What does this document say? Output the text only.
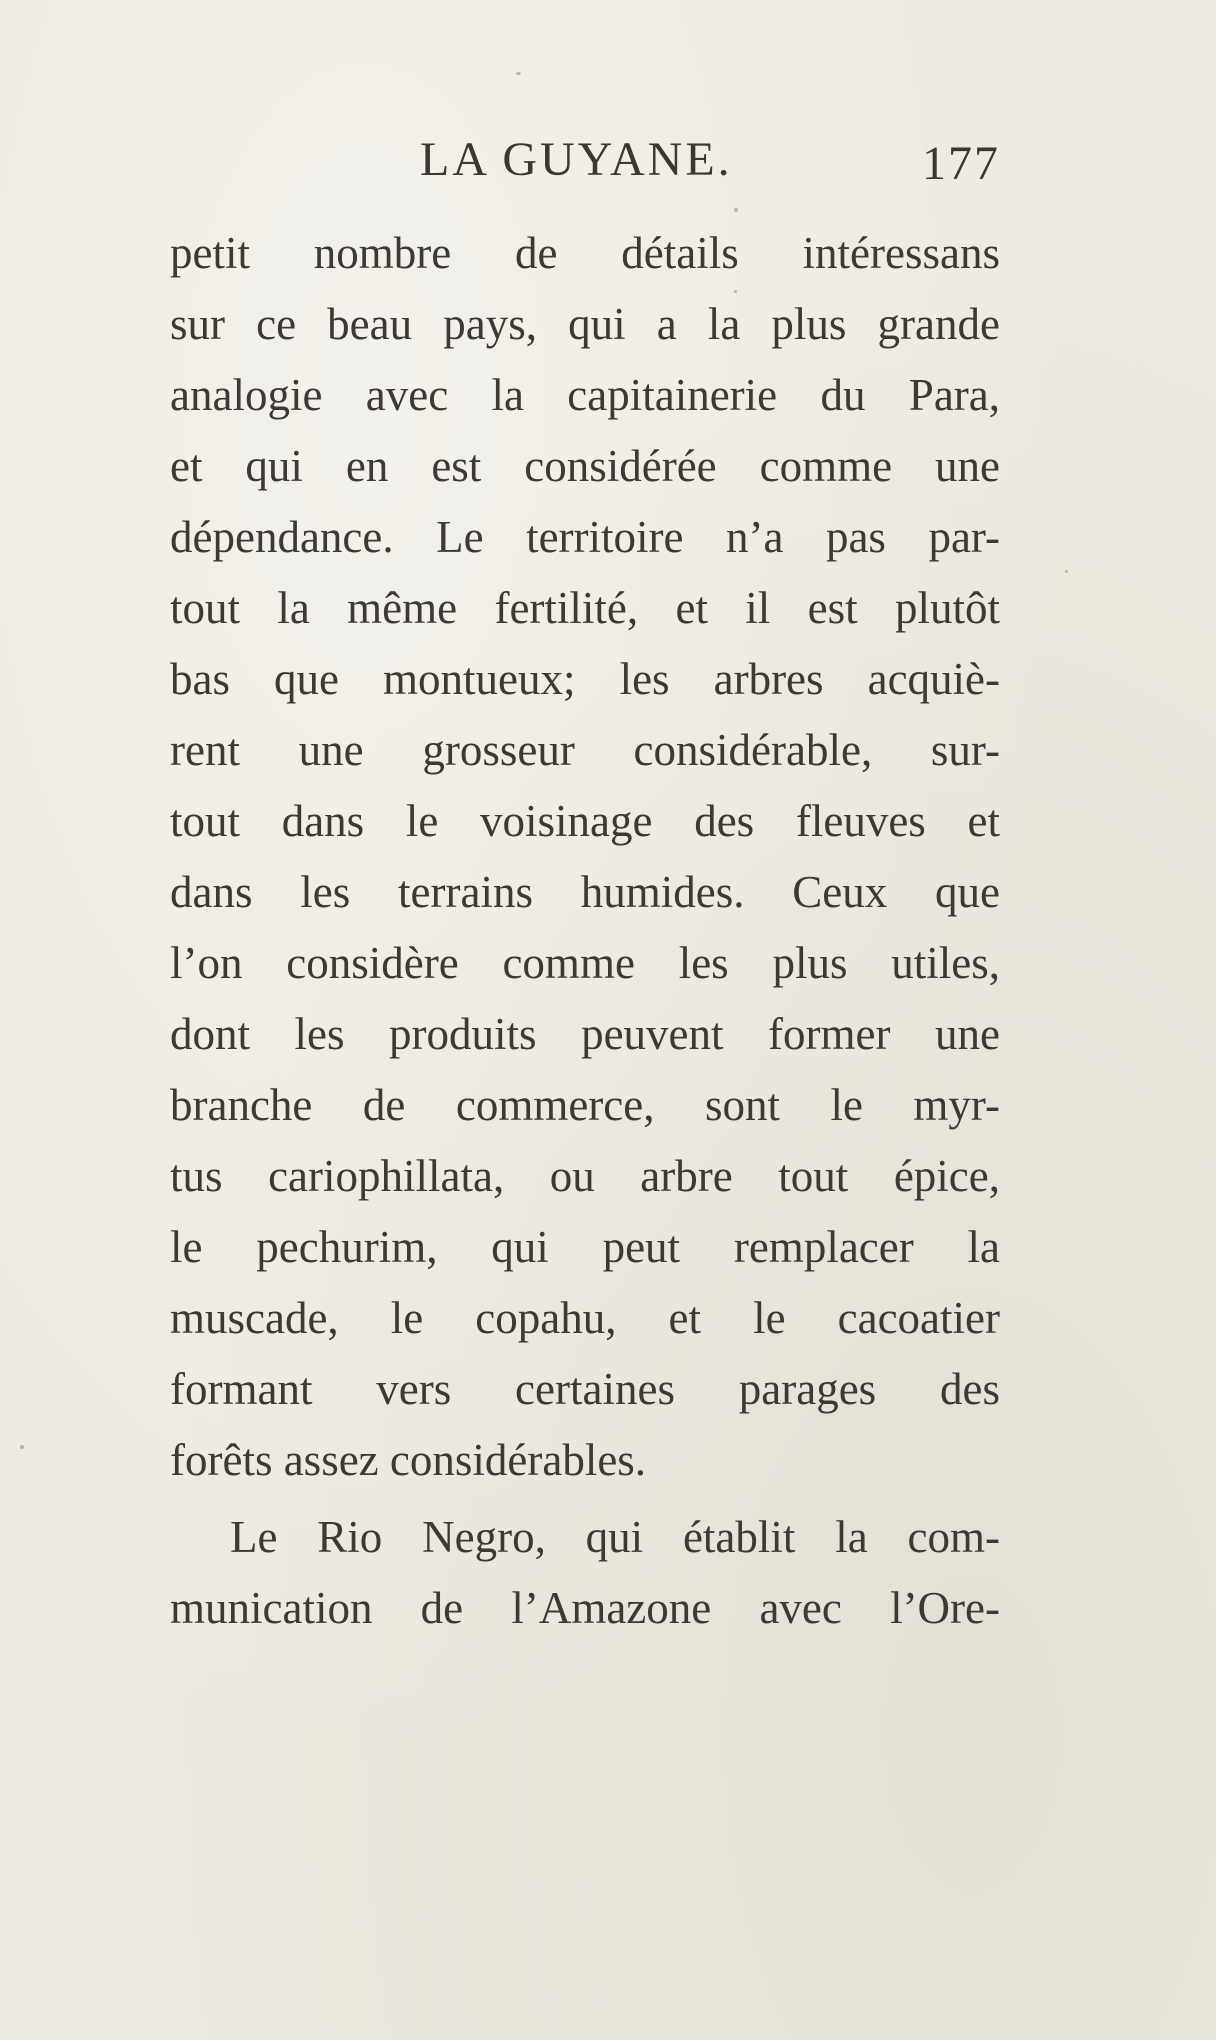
LA GUYANE.	177
petit nombre de détails intéressans
sur ce beau pays, qui a la plus grande
analogie avec la capitainerie du Para,
et qui en est considérée comme une
dépendance. Le territoire n’a pas par-
tout la même fertilité, et il est plutôt
bas que montueux; les arbres acquiè-
rent une grosseur considérable, sur-
tout dans le voisinage des fleuves et
dans les terrains humides. Ceux que
l’on considère comme les plus utiles,
dont les produits peuvent former une
branche de commerce, sont le myr-
tus cariophillata, ou arbre tout épice,
le pechurim, qui peut remplacer la
muscade, le copahu, et le cacoatier
formant vers certaines parages des
forêts assez considérables.
Le Rio Negro, qui établit la com-
munication de l’Amazone avec l’Ore-
